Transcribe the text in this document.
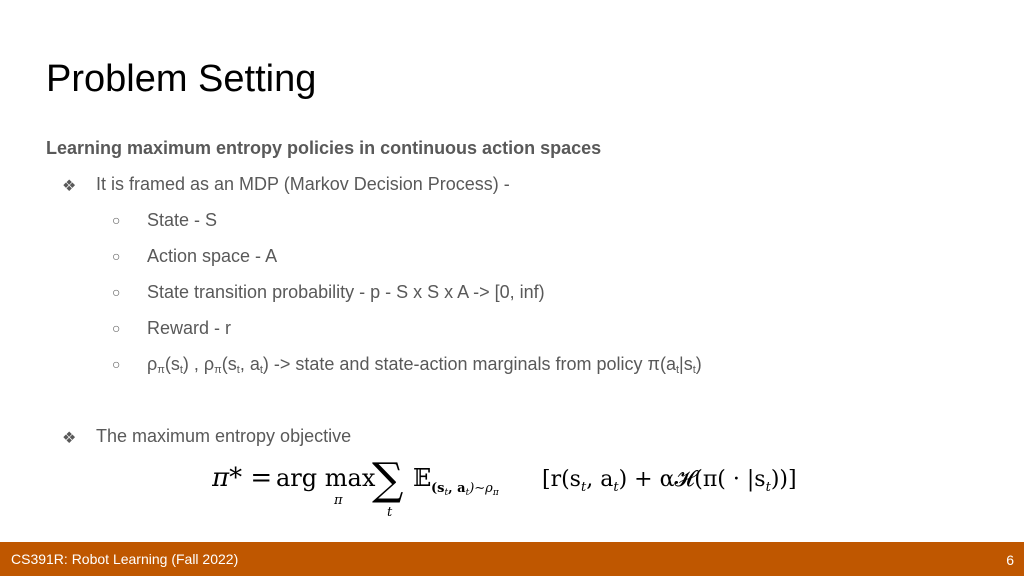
Problem Setting
Learning maximum entropy policies in continuous action spaces
❖ It is framed as an MDP (Markov Decision Process) -
○ State - S
○ Action space - A
○ State transition probability - p - S x S x A -> [0, inf)
○ Reward - r
○ $\rho_\pi(s_t)$ , $\rho_\pi(s_t$, $a_t$) -> state and state-action marginals from policy $\pi(a_t|s_t)$
❖ The maximum entropy objective
π* = arg max
π ∑
t
𝔼 ($s_t$, $a_t)\sim\rho_\pi$
[$r(s_t$, $a_t$) + α𝓗(π( · $|s_t$))]
CS391R: Robot Learning (Fall 2022)	6
